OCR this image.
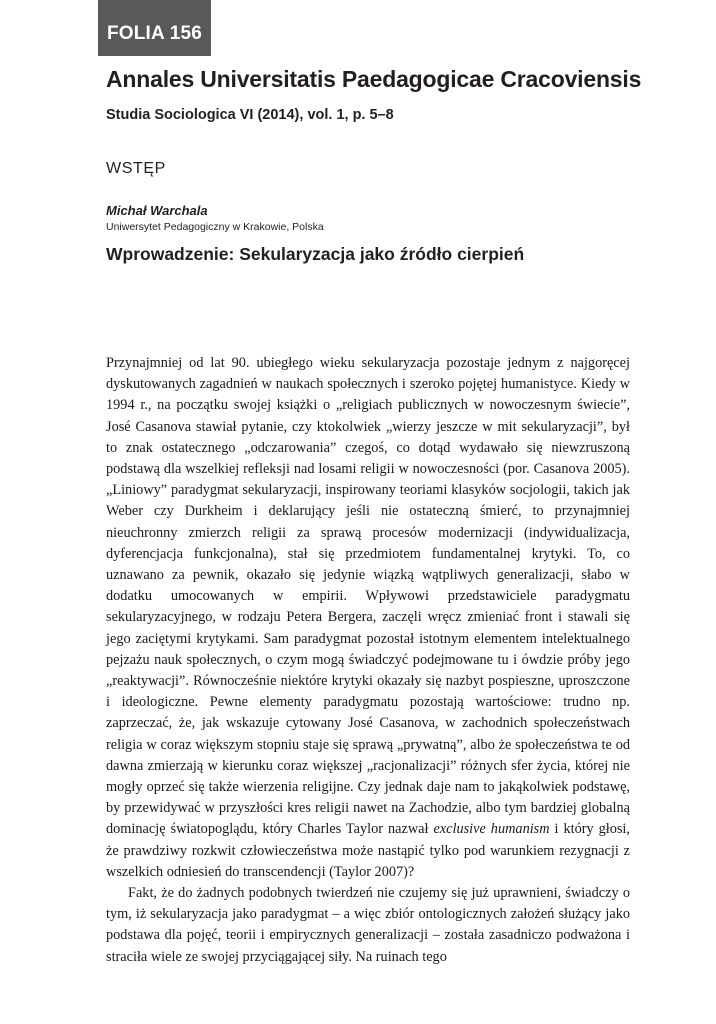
FOLIA 156
Annales Universitatis Paedagogicae Cracoviensis
Studia Sociologica VI (2014), vol. 1, p. 5–8
WSTĘP
Michał Warchala
Uniwersytet Pedagogiczny w Krakowie, Polska
Wprowadzenie: Sekularyzacja jako źródło cierpień

Przynajmniej od lat 90. ubiegłego wieku sekularyzacja pozostaje jednym z najgoręcej dyskutowanych zagadnień w naukach społecznych i szeroko pojętej humanistyce. Kiedy w 1994 r., na początku swojej książki o „religiach publicznych w nowoczesnym świecie”, José Casanova stawiał pytanie, czy ktokolwiek „wierzy jeszcze w mit sekularyzacji”, był to znak ostatecznego „odczarowania” czegoś, co dotąd wydawało się niewzruszoną podstawą dla wszelkiej refleksji nad losami religii w nowoczesności (por. Casanova 2005). „Liniowy” paradygmat sekularyzacji, inspirowany teoriami klasyków socjologii, takich jak Weber czy Durkheim i deklarujący jeśli nie ostateczną śmierć, to przynajmniej nieuchronny zmierzch religii za sprawą procesów modernizacji (indywidualizacja, dyferencjacja funkcjonalna), stał się przedmiotem fundamentalnej krytyki. To, co uznawano za pewnik, okazało się jedynie wiązką wątpliwych generalizacji, słabo w dodatku umocowanych w empirii. Wpływowi przedstawiciele paradygmatu sekularyzacyjnego, w rodzaju Petera Bergera, zaczęli wręcz zmieniać front i stawali się jego zaciętymi krytykami. Sam paradygmat pozostał istotnym elementem intelektualnego pejzażu nauk społecznych, o czym mogą świadczyć podejmowane tu i ówdzie próby jego „reaktywacji”. Równocześnie niektóre krytyki okazały się nazbyt pospieszne, uproszczone i ideologiczne. Pewne elementy paradygmatu pozostają wartościowe: trudno np. zaprzeczać, że, jak wskazuje cytowany José Casanova, w zachodnich społeczeństwach religia w coraz większym stopniu staje się sprawą „prywatną”, albo że społeczeństwa te od dawna zmierzają w kierunku coraz większej „racjonalizacji” różnych sfer życia, której nie mogły oprzeć się także wierzenia religijne. Czy jednak daje nam to jakąkolwiek podstawę, by przewidywać w przyszłości kres religii nawet na Zachodzie, albo tym bardziej globalną dominację światopoglądu, który Charles Taylor nazwał exclusive humanism i który głosi, że prawdziwy rozkwit człowieczeństwa może nastąpić tylko pod warunkiem rezygnacji z wszelkich odniesień do transcendencji (Taylor 2007)?

Fakt, że do żadnych podobnych twierdzeń nie czujemy się już uprawnieni, świadczy o tym, iż sekularyzacja jako paradygmat – a więc zbiór ontologicznych założeń służący jako podstawa dla pojęć, teorii i empirycznych generalizacji – została zasadniczo podważona i straciła wiele ze swojej przyciągającej siły. Na ruinach tego
